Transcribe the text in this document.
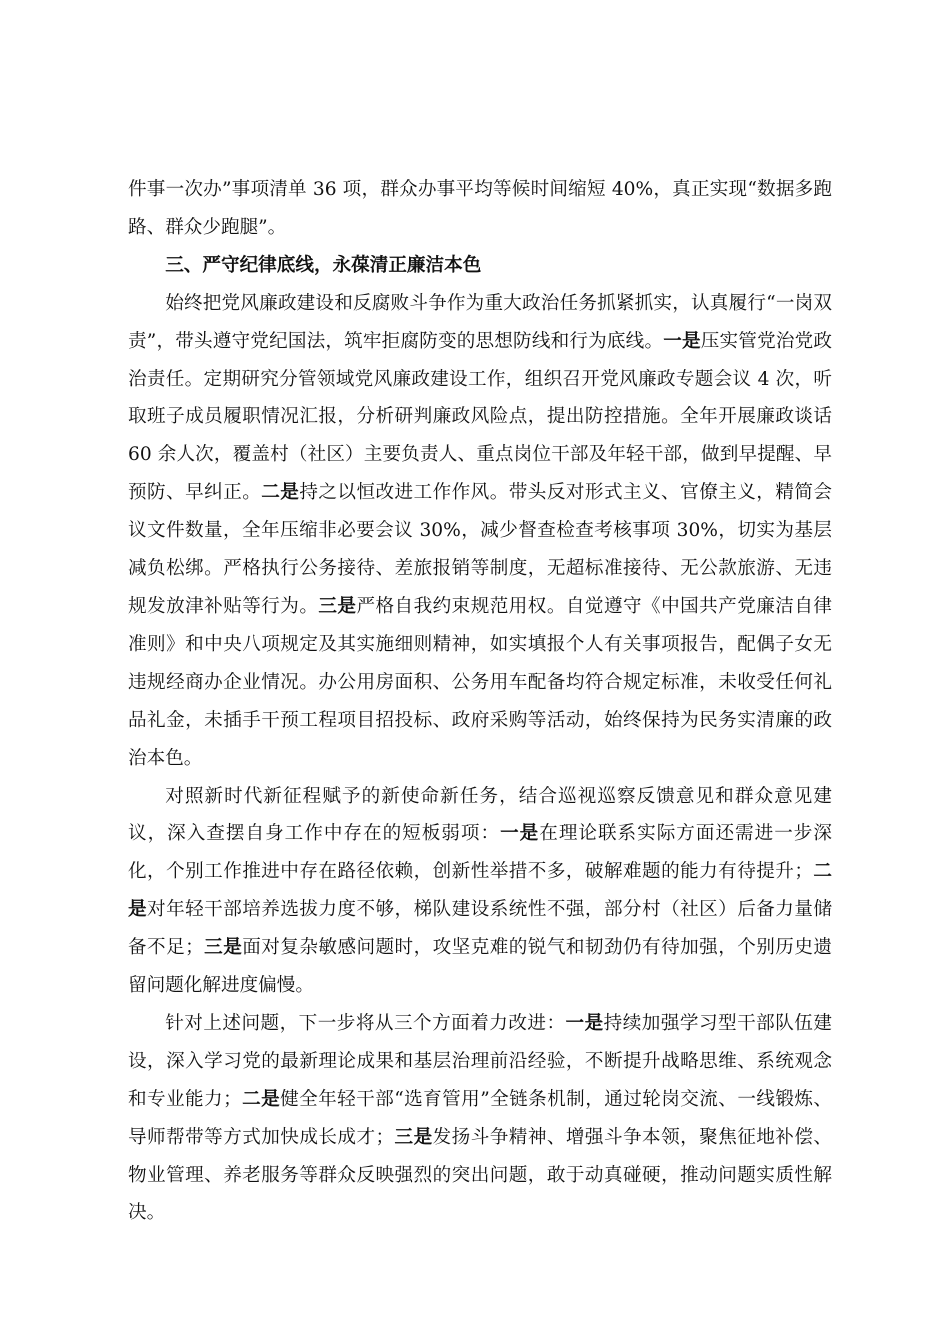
件事一次办”事项清单 36 项，群众办事平均等候时间缩短 40%，真正实现“数据多跑路、群众少跑腿”。

三、严守纪律底线，永葆清正廉洁本色

始终把党风廉政建设和反腐败斗争作为重大政治任务抓紧抓实，认真履行“一岗双责”，带头遵守党纪国法，筑牢拒腐防变的思想防线和行为底线。一是压实管党治党政治责任。定期研究分管领域党风廉政建设工作，组织召开党风廉政专题会议 4 次，听取班子成员履职情况汇报，分析研判廉政风险点，提出防控措施。全年开展廉政谈话 60 余人次，覆盖村（社区）主要负责人、重点岗位干部及年轻干部，做到早提醒、早预防、早纠正。二是持之以恒改进工作作风。带头反对形式主义、官僚主义，精简会议文件数量，全年压缩非必要会议 30%，减少督查检查考核事项 30%，切实为基层减负松绑。严格执行公务接待、差旅报销等制度，无超标准接待、无公款旅游、无违规发放津补贴等行为。三是严格自我约束规范用权。自觉遵守《中国共产党廉洁自律准则》和中央八项规定及其实施细则精神，如实填报个人有关事项报告，配偶子女无违规经商办企业情况。办公用房面积、公务用车配备均符合规定标准，未收受任何礼品礼金，未插手干预工程项目招投标、政府采购等活动，始终保持为民务实清廉的政治本色。

对照新时代新征程赋予的新使命新任务，结合巡视巡察反馈意见和群众意见建议，深入查摆自身工作中存在的短板弱项：一是在理论联系实际方面还需进一步深化，个别工作推进中存在路径依赖，创新性举措不多，破解难题的能力有待提升；二是对年轻干部培养选拔力度不够，梯队建设系统性不强，部分村（社区）后备力量储备不足；三是面对复杂敏感问题时，攻坚克难的锐气和韧劲仍有待加强，个别历史遗留问题化解进度偏慢。

针对上述问题，下一步将从三个方面着力改进：一是持续加强学习型干部队伍建设，深入学习党的最新理论成果和基层治理前沿经验，不断提升战略思维、系统观念和专业能力；二是健全年轻干部“选育管用”全链条机制，通过轮岗交流、一线锻炼、导师帮带等方式加快成长成才；三是发扬斗争精神、增强斗争本领，聚焦征地补偿、物业管理、养老服务等群众反映强烈的突出问题，敢于动真碰硬，推动问题实质性解决。
